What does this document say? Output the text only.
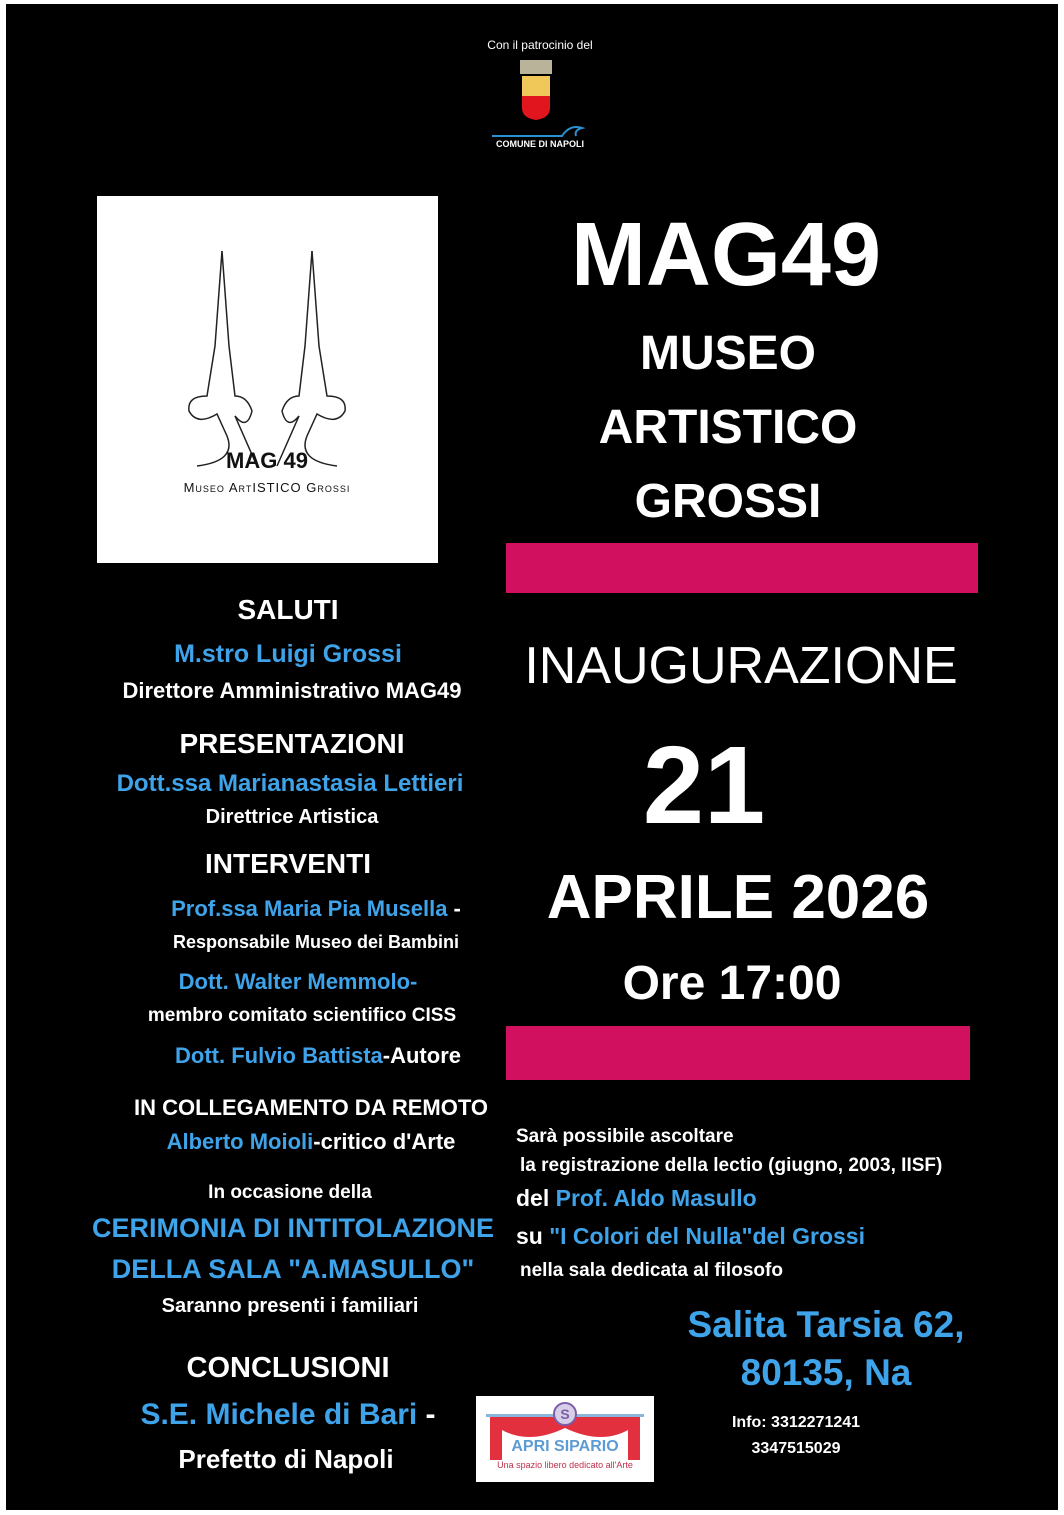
Con il patrocinio del
COMUNE DI NAPOLI
MAG 49
Museo ArtISTICO Grossi
MAG49
MUSEO
ARTISTICO
GROSSI
INAUGURAZIONE
21
APRILE 2026
Ore 17:00
SALUTI
M.stro Luigi Grossi
Direttore Amministrativo MAG49
PRESENTAZIONI
Dott.ssa Marianastasia Lettieri
Direttrice Artistica
INTERVENTI
Prof.ssa Maria Pia Musella -
Responsabile Museo dei Bambini
Dott. Walter Memmolo-
membro comitato scientifico CISS
Dott. Fulvio Battista-Autore
IN COLLEGAMENTO DA REMOTO
Alberto Moioli-critico d'Arte
In occasione della
CERIMONIA DI INTITOLAZIONE
DELLA SALA "A.MASULLO"
Saranno presenti i familiari
CONCLUSIONI
S.E. Michele di Bari -
Prefetto di Napoli
Sarà possibile ascoltare
la registrazione della lectio (giugno, 2003, IISF)
del Prof. Aldo Masullo
su "I Colori del Nulla"del Grossi
nella sala dedicata al filosofo
Salita Tarsia 62,
80135, Na
Info: 3312271241
3347515029
S
APRI SIPARIO
Una spazio libero dedicato all'Arte
